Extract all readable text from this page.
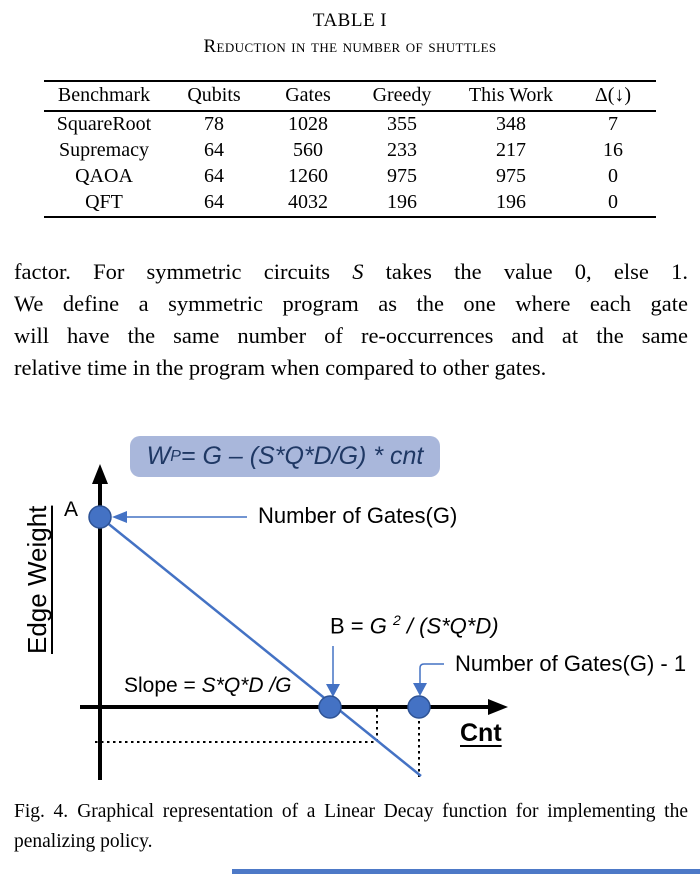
TABLE I
Reduction in the number of shuttles
Benchmark	Qubits	Gates	Greedy	This Work	Δ(↓)
SquareRoot	78	1028	355	348	7
Supremacy	64	560	233	217	16
QAOA	64	1260	975	975	0
QFT	64	4032	196	196	0
factor. For symmetric circuits S takes the value 0, else 1.
We define a symmetric program as the one where each gate
will have the same number of re-occurrences and at the same
relative time in the program when compared to other gates.
W P = G – (S*Q*D/G) * cnt
A	Number of Gates(G)
B = G $^2$ / (S*Q*D)
Number of Gates(G) - 1
Slope = S*Q*D /G
Cnt
Edge Weight
Fig. 4. Graphical representation of a Linear Decay function for implementing the penalizing policy.
